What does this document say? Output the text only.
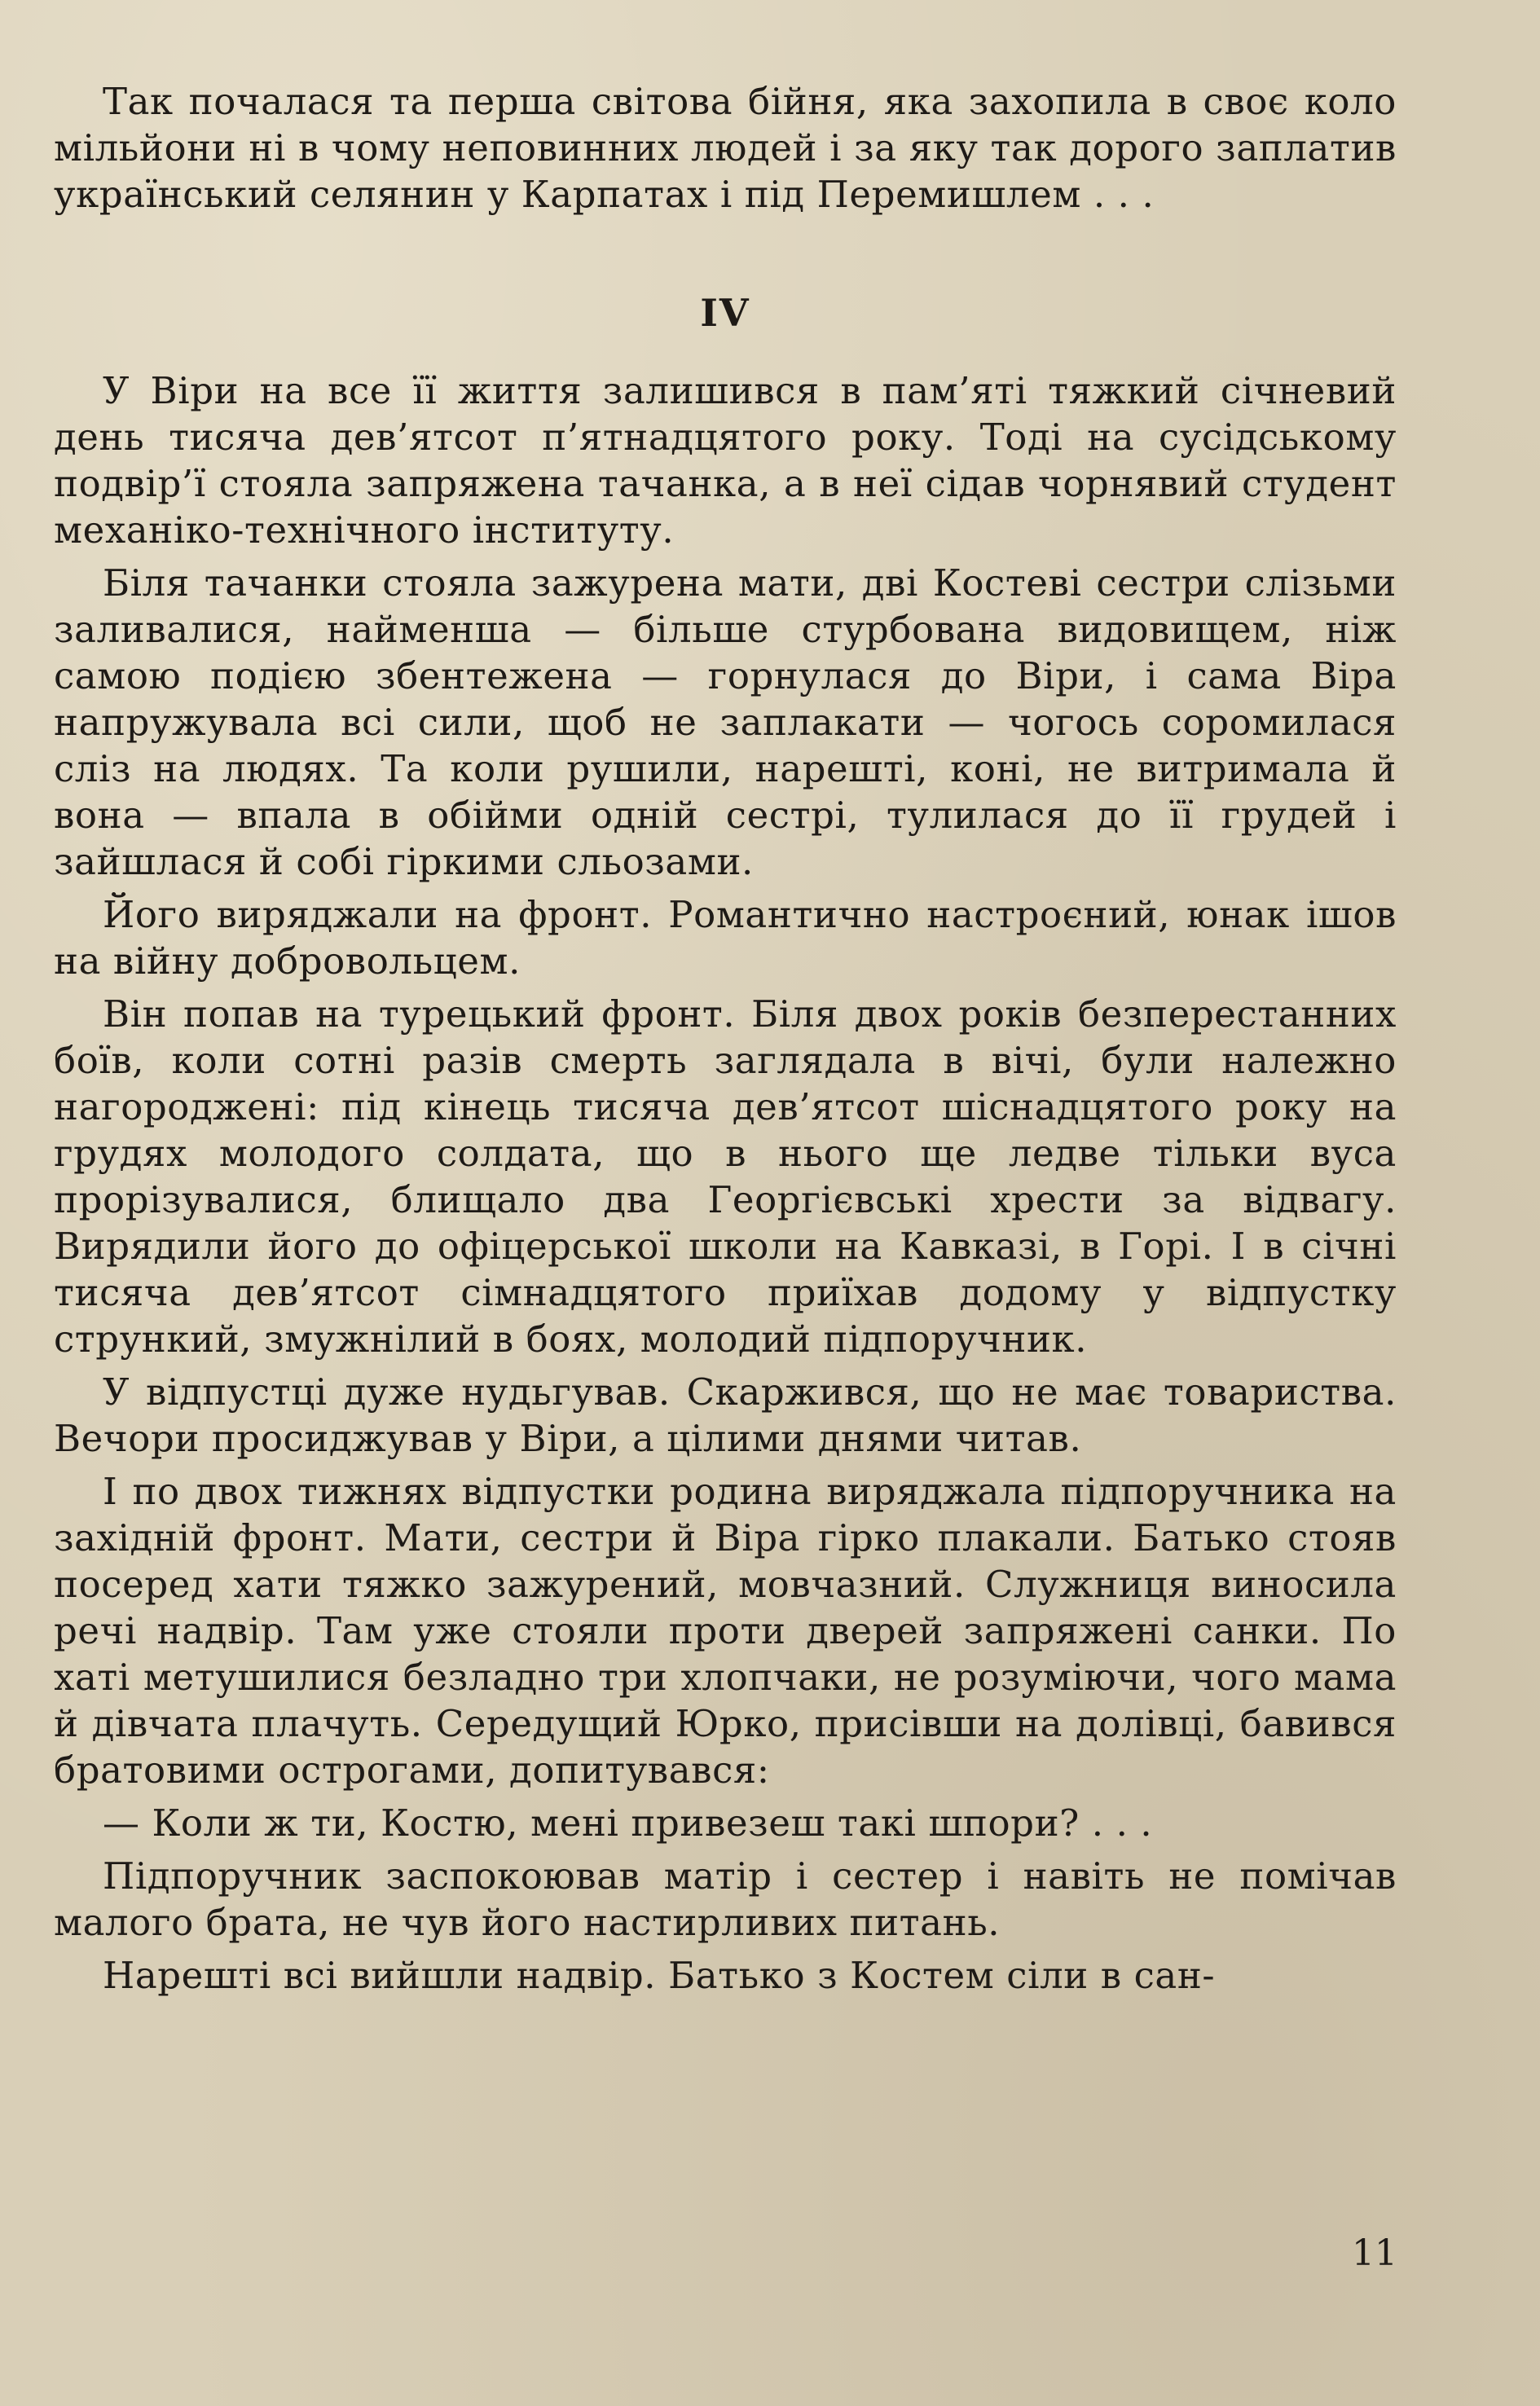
Так почалася та перша світова бійня, яка захопила в своє коло мільйони ні в чому неповинних людей і за яку так дорого заплатив український селянин у Карпатах і під Перемишлем . . .

IV

У Віри на все її життя залишився в пам’яті тяжкий січневий день тисяча дев’ятсот п’ятнадцятого року. Тоді на сусідському подвір’ї стояла запряжена тачанка, а в неї сідав чорнявий студент механіко-технічного інституту.

Біля тачанки стояла зажурена мати, дві Костеві сестри слізьми заливалися, найменша — більше стурбована видовищем, ніж самою подією збентежена — горнулася до Віри, і сама Віра напружувала всі сили, щоб не заплакати — чогось соромилася сліз на людях. Та коли рушили, нарешті, коні, не витримала й вона — впала в обійми одній сестрі, тулилася до її грудей і зайшлася й собі гіркими сльозами.

Його виряджали на фронт. Романтично настроєний, юнак ішов на війну добровольцем.

Він попав на турецький фронт. Біля двох років безперестанних боїв, коли сотні разів смерть заглядала в вічі, були належно нагороджені: під кінець тисяча дев’ятсот шіснадцятого року на грудях молодого солдата, що в нього ще ледве тільки вуса прорізувалися, блищало два Георгієвські хрести за відвагу. Вирядили його до офіцерської школи на Кавказі, в Горі. І в січні тисяча дев’ятсот сімнадцятого приїхав додому у відпустку стрункий, змужнілий в боях, молодий підпоручник.

У відпустці дуже нудьгував. Скаржився, що не має товариства. Вечори просиджував у Віри, а цілими днями читав.

І по двох тижнях відпустки родина виряджала підпоручника на західній фронт. Мати, сестри й Віра гірко плакали. Батько стояв посеред хати тяжко зажурений, мовчазний. Служниця виносила речі надвір. Там уже стояли проти дверей запряжені санки. По хаті метушилися безладно три хлопчаки, не розуміючи, чого мама й дівчата плачуть. Середущий Юрко, присівши на долівці, бавився братовими острогами, допитувався:

— Коли ж ти, Костю, мені привезеш такі шпори? . . .

Підпоручник заспокоював матір і сестер і навіть не помічав малого брата, не чув його настирливих питань.

Нарешті всі вийшли надвір. Батько з Костем сіли в сан-

11
